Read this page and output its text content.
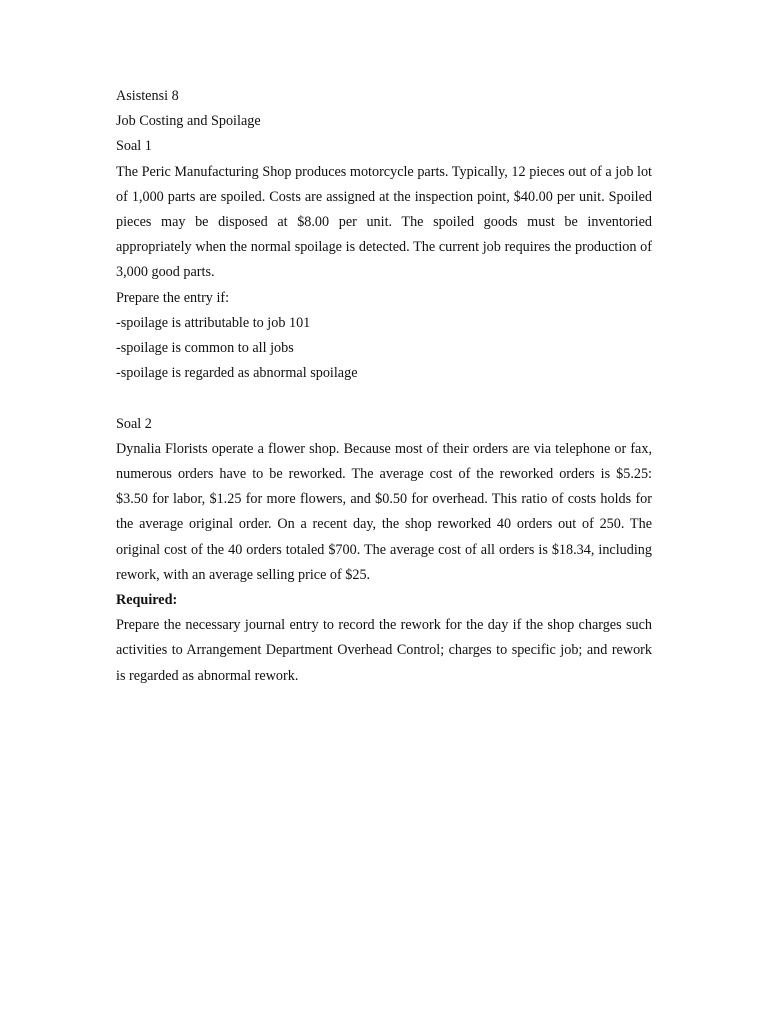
Asistensi 8
Job Costing and Spoilage
Soal 1

The Peric Manufacturing Shop produces motorcycle parts. Typically, 12 pieces out of a job lot of 1,000 parts are spoiled. Costs are assigned at the inspection point, $40.00 per unit. Spoiled pieces may be disposed at $8.00 per unit. The spoiled goods must be inventoried appropriately when the normal spoilage is detected. The current job requires the production of 3,000 good parts.

Prepare the entry if:
-spoilage is attributable to job 101
-spoilage is common to all jobs
-spoilage is regarded as abnormal spoilage
Soal 2

Dynalia Florists operate a flower shop. Because most of their orders are via telephone or fax, numerous orders have to be reworked. The average cost of the reworked orders is $5.25: $3.50 for labor, $1.25 for more flowers, and $0.50 for overhead. This ratio of costs holds for the average original order. On a recent day, the shop reworked 40 orders out of 250. The original cost of the 40 orders totaled $700. The average cost of all orders is $18.34, including rework, with an average selling price of $25.

Required:

Prepare the necessary journal entry to record the rework for the day if the shop charges such activities to Arrangement Department Overhead Control; charges to specific job; and rework is regarded as abnormal rework.
